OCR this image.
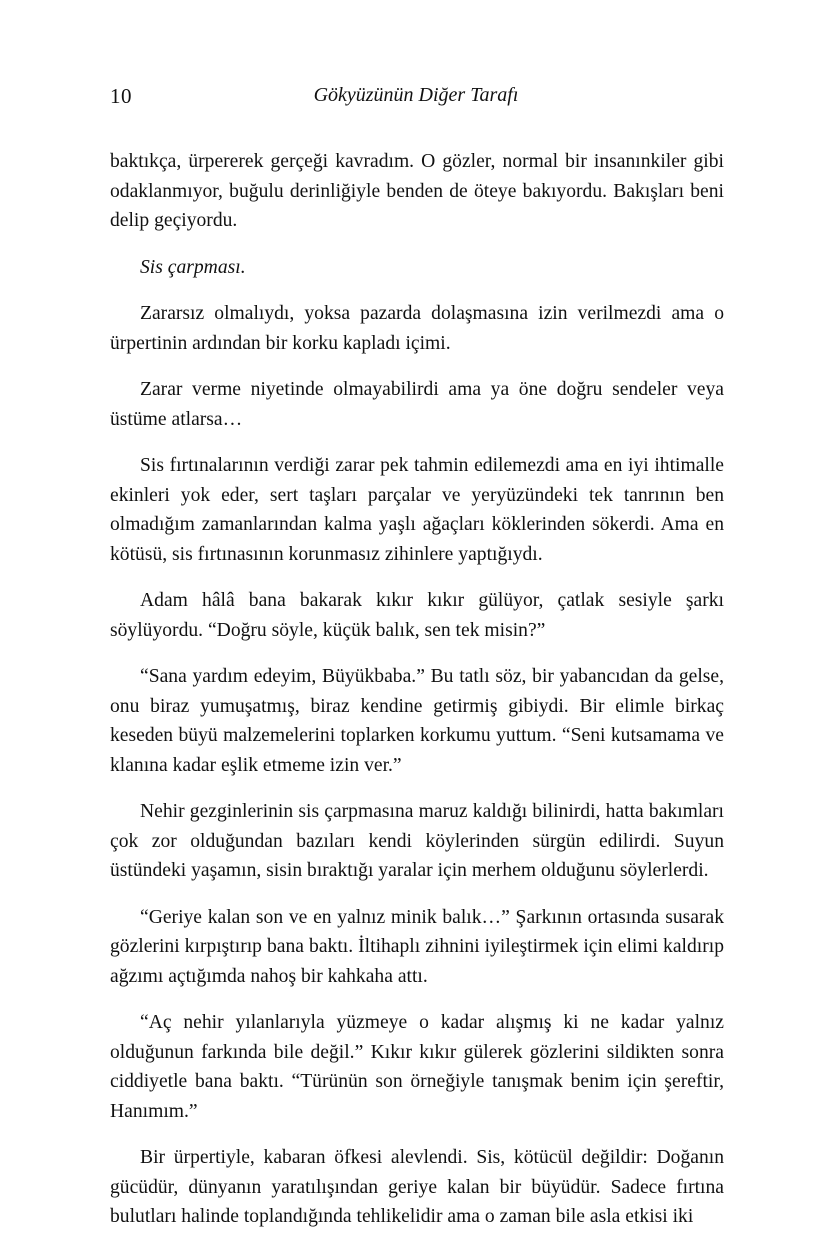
10	Gökyüzünün Diğer Tarafı

baktıkça, ürpererek gerçeği kavradım. O gözler, normal bir insanınkiler gibi odaklanmıyor, buğulu derinliğiyle benden de öteye bakıyordu. Bakışları beni delip geçiyordu.

Sis çarpması.

Zararsız olmalıydı, yoksa pazarda dolaşmasına izin verilmezdi ama o ürpertinin ardından bir korku kapladı içimi.

Zarar verme niyetinde olmayabilirdi ama ya öne doğru sendeler veya üstüme atlarsa…

Sis fırtınalarının verdiği zarar pek tahmin edilemezdi ama en iyi ihtimalle ekinleri yok eder, sert taşları parçalar ve yeryüzündeki tek tanrının ben olmadığım zamanlarından kalma yaşlı ağaçları köklerinden sökerdi. Ama en kötüsü, sis fırtınasının korunmasız zihinlere yaptığıydı.

Adam hâlâ bana bakarak kıkır kıkır gülüyor, çatlak sesiyle şarkı söylüyordu. “Doğru söyle, küçük balık, sen tek misin?”

“Sana yardım edeyim, Büyükbaba.” Bu tatlı söz, bir yabancıdan da gelse, onu biraz yumuşatmış, biraz kendine getirmiş gibiydi. Bir elimle birkaç keseden büyü malzemelerini toplarken korkumu yuttum. “Seni kutsamama ve klanına kadar eşlik etmeme izin ver.”

Nehir gezginlerinin sis çarpmasına maruz kaldığı bilinirdi, hatta bakımları çok zor olduğundan bazıları kendi köylerinden sürgün edilirdi. Suyun üstündeki yaşamın, sisin bıraktığı yaralar için merhem olduğunu söylerlerdi.

“Geriye kalan son ve en yalnız minik balık…” Şarkının ortasında susarak gözlerini kırpıştırıp bana baktı. İltihaplı zihnini iyileştirmek için elimi kaldırıp ağzımı açtığımda nahoş bir kahkaha attı.

“Aç nehir yılanlarıyla yüzmeye o kadar alışmış ki ne kadar yalnız olduğunun farkında bile değil.” Kıkır kıkır gülerek gözlerini sildikten sonra ciddiyetle bana baktı. “Türünün son örneğiyle tanışmak benim için şereftir, Hanımım.”

Bir ürpertiyle, kabaran öfkesi alevlendi. Sis, kötücül değildir: Doğanın gücüdür, dünyanın yaratılışından geriye kalan bir büyüdür. Sadece fırtına bulutları halinde toplandığında tehlikelidir ama o zaman bile asla etkisi iki
